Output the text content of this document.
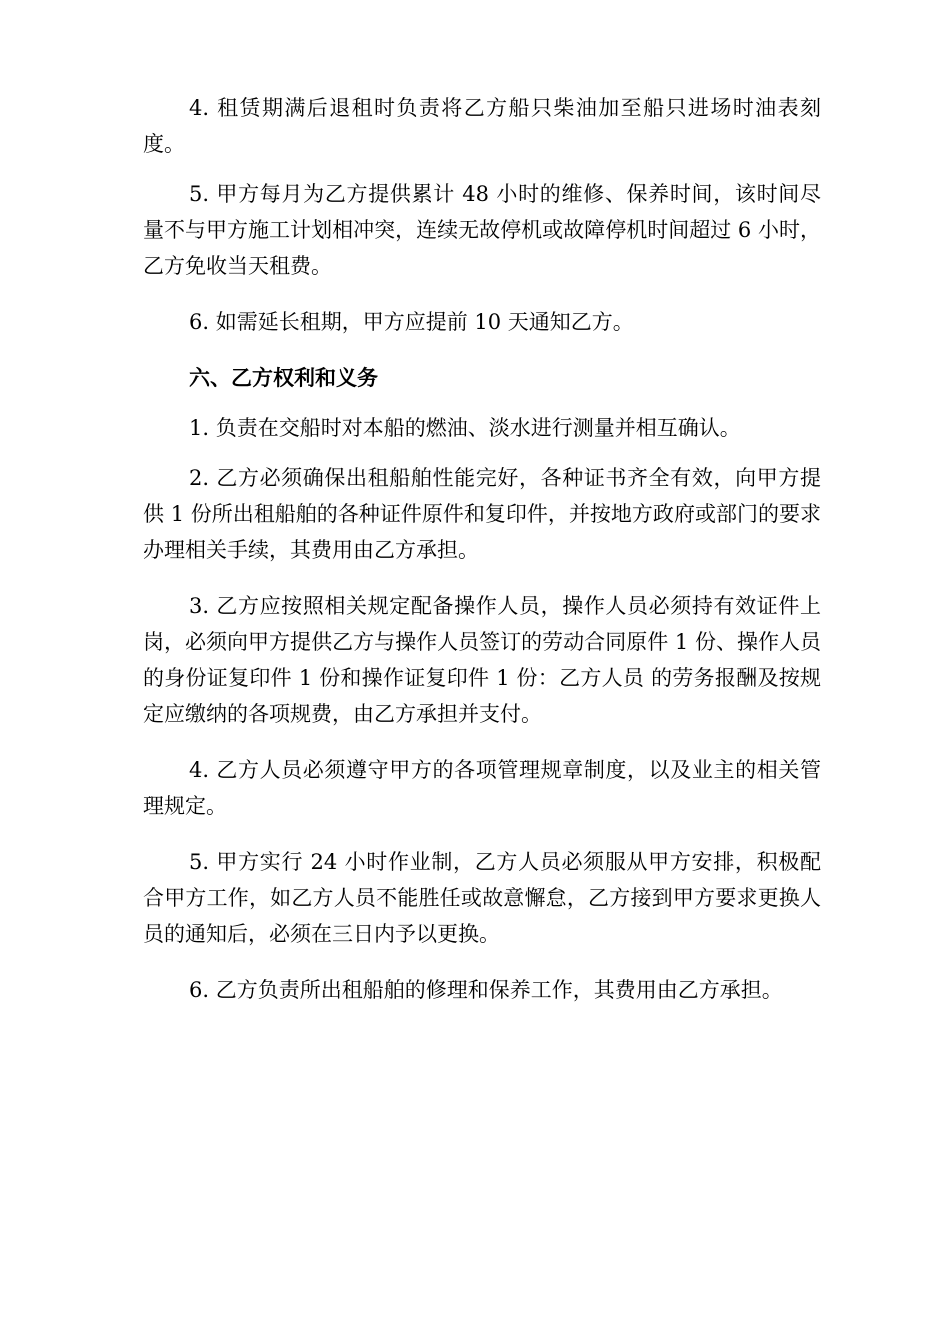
4. 租赁期满后退租时负责将乙方船只柴油加至船只进场时油表刻度。

5. 甲方每月为乙方提供累计 48 小时的维修、保养时间，该时间尽量不与甲方施工计划相冲突，连续无故停机或故障停机时间超过 6 小时，乙方免收当天租费。

6. 如需延长租期，甲方应提前 10 天通知乙方。

六、乙方权利和义务

1. 负责在交船时对本船的燃油、淡水进行测量并相互确认。

2. 乙方必须确保出租船舶性能完好，各种证书齐全有效，向甲方提供 1 份所出租船舶的各种证件原件和复印件，并按地方政府或部门的要求办理相关手续，其费用由乙方承担。

3. 乙方应按照相关规定配备操作人员，操作人员必须持有效证件上岗，必须向甲方提供乙方与操作人员签订的劳动合同原件 1 份、操作人员的身份证复印件 1 份和操作证复印件 1 份：乙方人员 的劳务报酬及按规定应缴纳的各项规费，由乙方承担并支付。

4. 乙方人员必须遵守甲方的各项管理规章制度，以及业主的相关管理规定。

5. 甲方实行 24 小时作业制，乙方人员必须服从甲方安排，积极配合甲方工作，如乙方人员不能胜任或故意懈怠，乙方接到甲方要求更换人员的通知后，必须在三日内予以更换。

6. 乙方负责所出租船舶的修理和保养工作，其费用由乙方承担。
